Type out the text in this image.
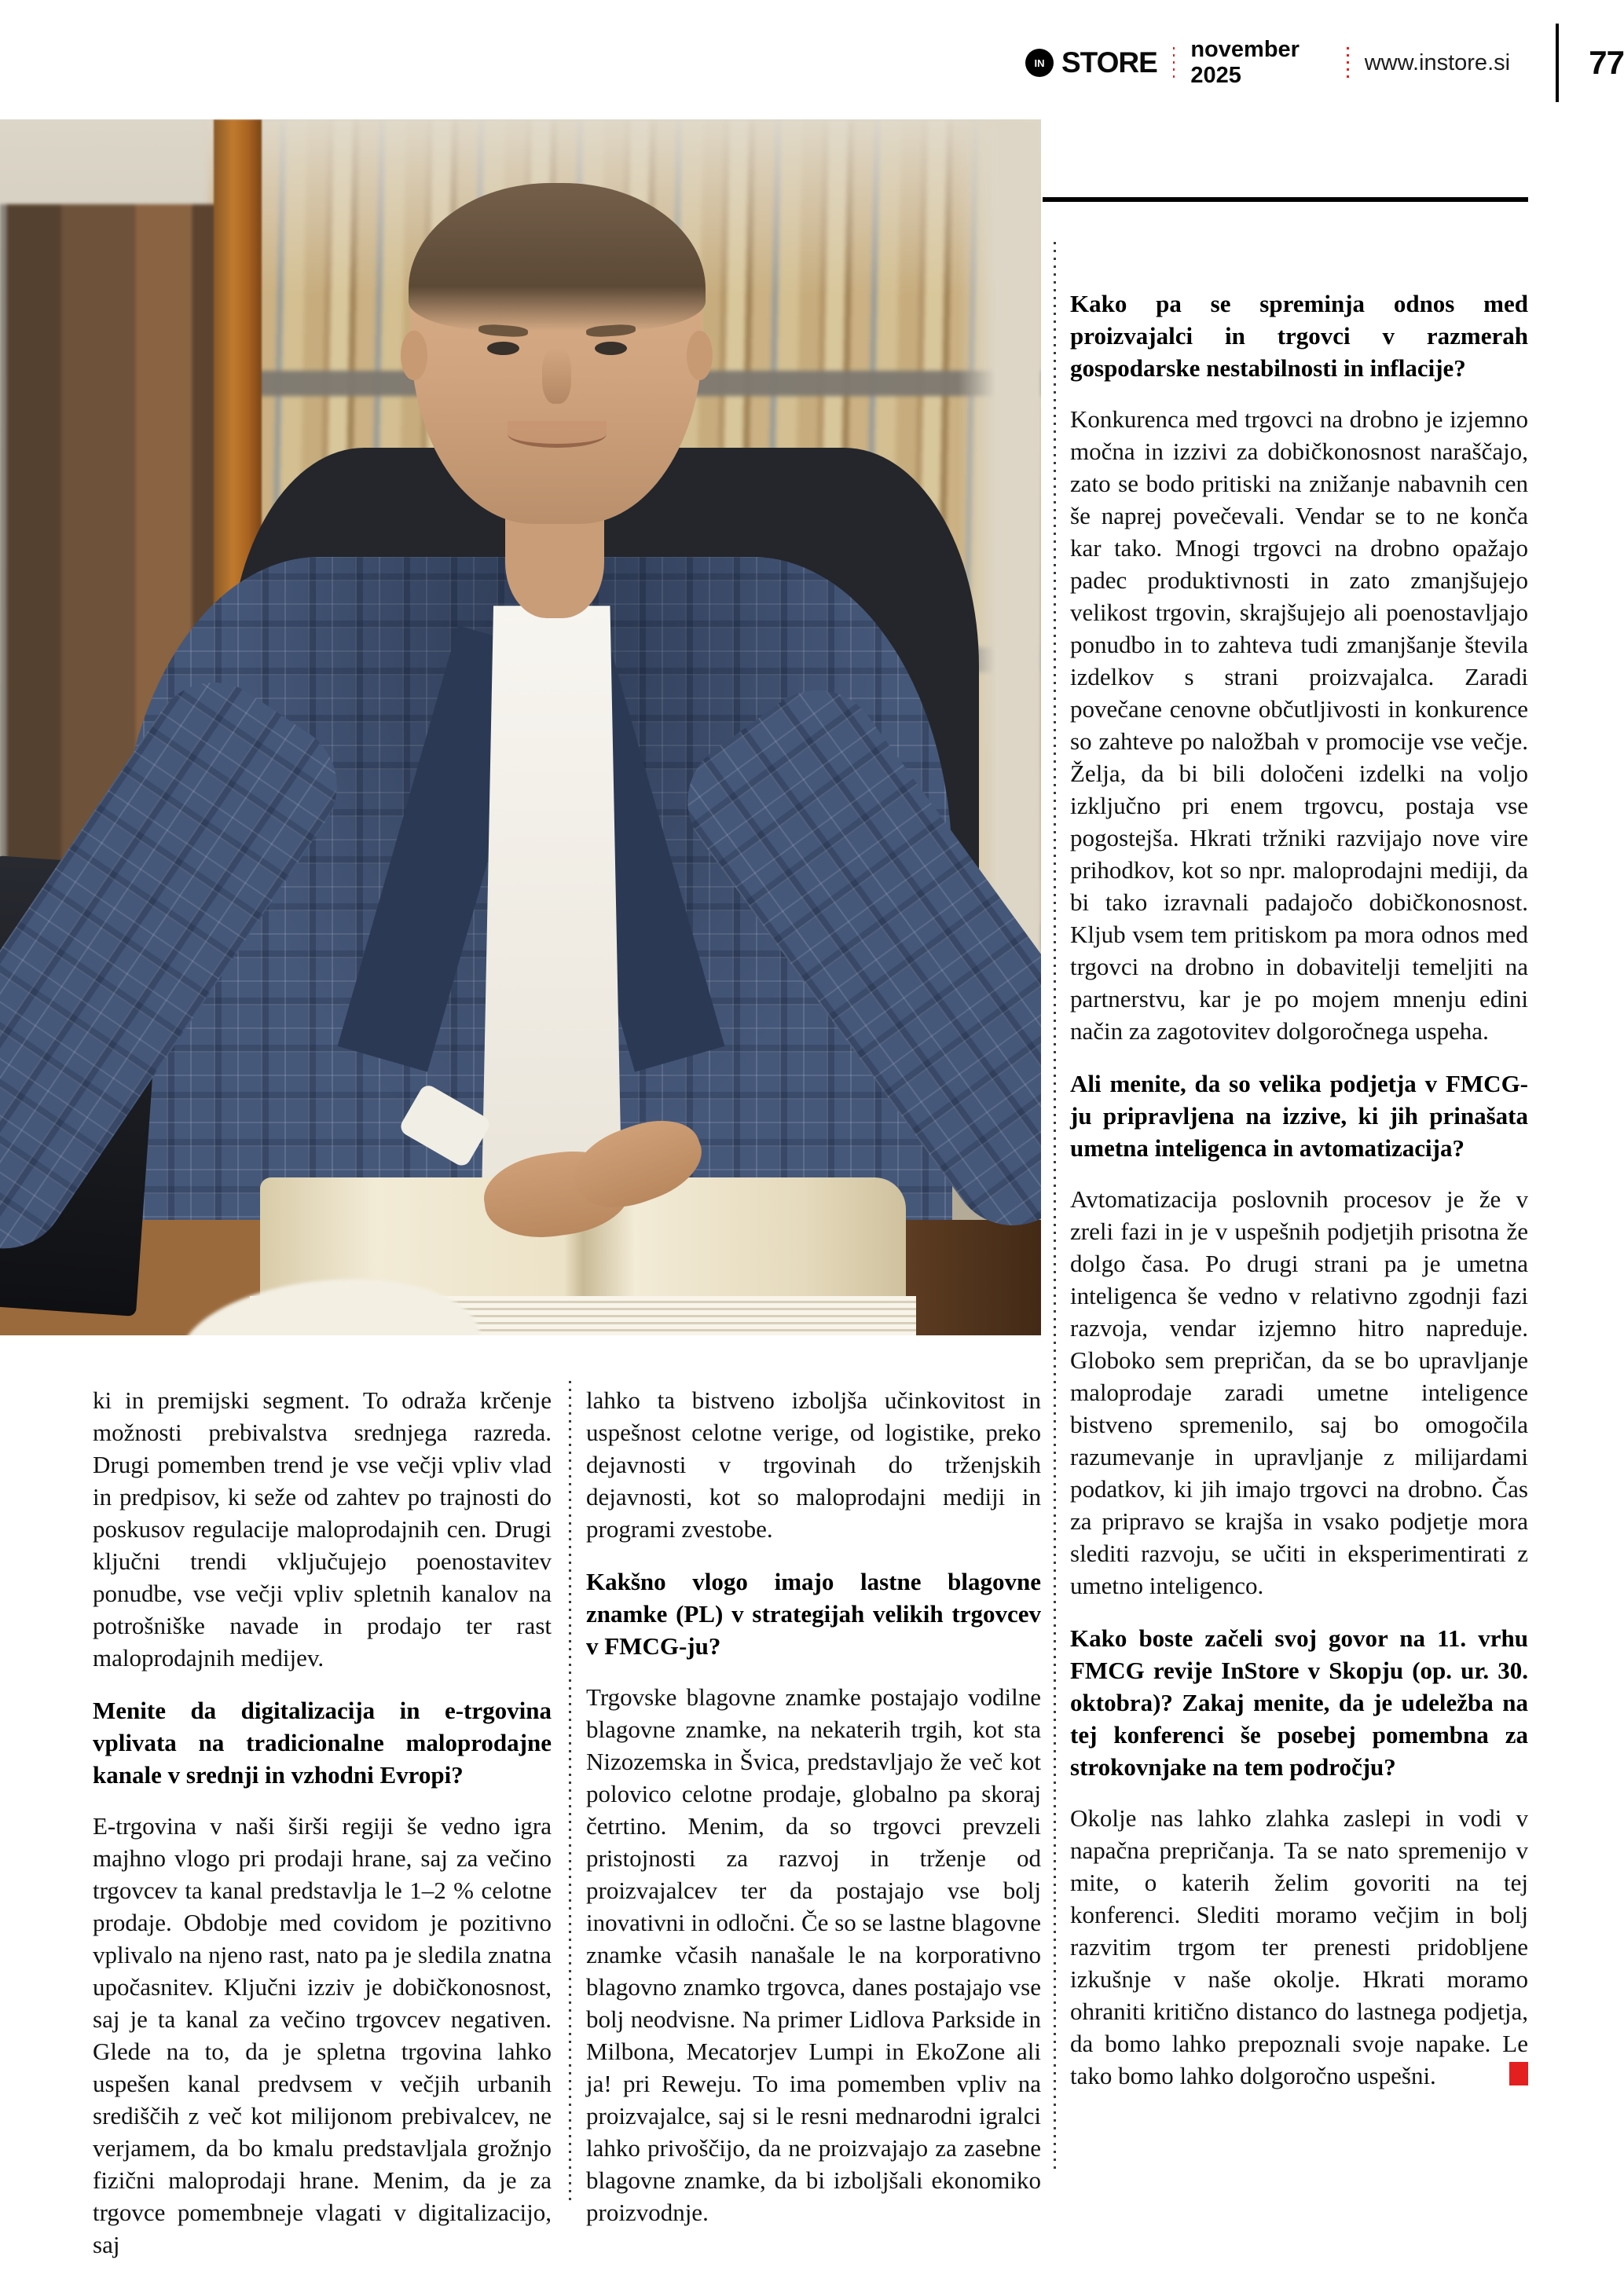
IN STORE november 2025
www.instore.si 77

ki in premijski segment. To odraža krčenje možnosti prebivalstva srednjega razreda. Drugi pomemben trend je vse večji vpliv vlad in predpisov, ki seže od zahtev po trajnosti do poskusov regulacije maloprodajnih cen. Drugi ključni trendi vključujejo poenostavitev ponudbe, vse večji vpliv spletnih kanalov na potrošniške navade in prodajo ter rast maloprodajnih medijev.

Menite da digitalizacija in e-trgovina vplivata na tradicionalne maloprodajne kanale v srednji in vzhodni Evropi?

E-trgovina v naši širši regiji še vedno igra majhno vlogo pri prodaji hrane, saj za večino trgovcev ta kanal predstavlja le 1–2 % celotne prodaje. Obdobje med covidom je pozitivno vplivalo na njeno rast, nato pa je sledila znatna upočasnitev. Ključni izziv je dobičkonosnost, saj je ta kanal za večino trgovcev negativen. Glede na to, da je spletna trgovina lahko uspešen kanal predvsem v večjih urbanih središčih z več kot milijonom prebivalcev, ne verjamem, da bo kmalu predstavljala grožnjo fizični maloprodaji hrane. Menim, da je za trgovce pomembneje vlagati v digitalizacijo, saj

lahko ta bistveno izboljša učinkovitost in uspešnost celotne verige, od logistike, preko dejavnosti v trgovinah do trženjskih dejavnosti, kot so maloprodajni mediji in programi zvestobe.

Kakšno vlogo imajo lastne blagovne znamke (PL) v strategijah velikih trgovcev v FMCG-ju?

Trgovske blagovne znamke postajajo vodilne blagovne znamke, na nekaterih trgih, kot sta Nizozemska in Švica, predstavljajo že več kot polovico celotne prodaje, globalno pa skoraj četrtino. Menim, da so trgovci prevzeli pristojnosti za razvoj in trženje od proizvajalcev ter da postajajo vse bolj inovativni in odločni. Če so se lastne blagovne znamke včasih nanašale le na korporativno blagovno znamko trgovca, danes postajajo vse bolj neodvisne. Na primer Lidlova Parkside in Milbona, Mecatorjev Lumpi in EkoZone ali ja! pri Reweju. To ima pomemben vpliv na proizvajalce, saj si le resni mednarodni igralci lahko privoščijo, da ne proizvajajo za zasebne blagovne znamke, da bi izboljšali ekonomiko proizvodnje.

Kako pa se spreminja odnos med proizvajalci in trgovci v razmerah gospodarske nestabilnosti in inflacije?

Konkurenca med trgovci na drobno je izjemno močna in izzivi za dobičkonosnost naraščajo, zato se bodo pritiski na znižanje nabavnih cen še naprej povečevali. Vendar se to ne konča kar tako. Mnogi trgovci na drobno opažajo padec produktivnosti in zato zmanjšujejo velikost trgovin, skrajšujejo ali poenostavljajo ponudbo in to zahteva tudi zmanjšanje števila izdelkov s strani proizvajalca. Zaradi povečane cenovne občutljivosti in konkurence so zahteve po naložbah v promocije vse večje. Želja, da bi bili določeni izdelki na voljo izključno pri enem trgovcu, postaja vse pogostejša. Hkrati tržniki razvijajo nove vire prihodkov, kot so npr. maloprodajni mediji, da bi tako izravnali padajočo dobičkonosnost. Kljub vsem tem pritiskom pa mora odnos med trgovci na drobno in dobavitelji temeljiti na partnerstvu, kar je po mojem mnenju edini način za zagotovitev dolgoročnega uspeha.

Ali menite, da so velika podjetja v FMCG-ju pripravljena na izzive, ki jih prinašata umetna inteligenca in avtomatizacija?

Avtomatizacija poslovnih procesov je že v zreli fazi in je v uspešnih podjetjih prisotna že dolgo časa. Po drugi strani pa je umetna inteligenca še vedno v relativno zgodnji fazi razvoja, vendar izjemno hitro napreduje. Globoko sem prepričan, da se bo upravljanje maloprodaje zaradi umetne inteligence bistveno spremenilo, saj bo omogočila razumevanje in upravljanje z milijardami podatkov, ki jih imajo trgovci na drobno. Čas za pripravo se krajša in vsako podjetje mora slediti razvoju, se učiti in eksperimentirati z umetno inteligenco.

Kako boste začeli svoj govor na 11. vrhu FMCG revije InStore v Skopju (op. ur. 30. oktobra)? Zakaj menite, da je udeležba na tej konferenci še posebej pomembna za strokovnjake na tem področju?

Okolje nas lahko zlahka zaslepi in vodi v napačna prepričanja. Ta se nato spremenijo v mite, o katerih želim govoriti na tej konferenci. Slediti moramo večjim in bolj razvitim trgom ter prenesti pridobljene izkušnje v naše okolje. Hkrati moramo ohraniti kritično distanco do lastnega podjetja, da bomo lahko prepoznali svoje napake. Le tako bomo lahko dolgoročno uspešni.
